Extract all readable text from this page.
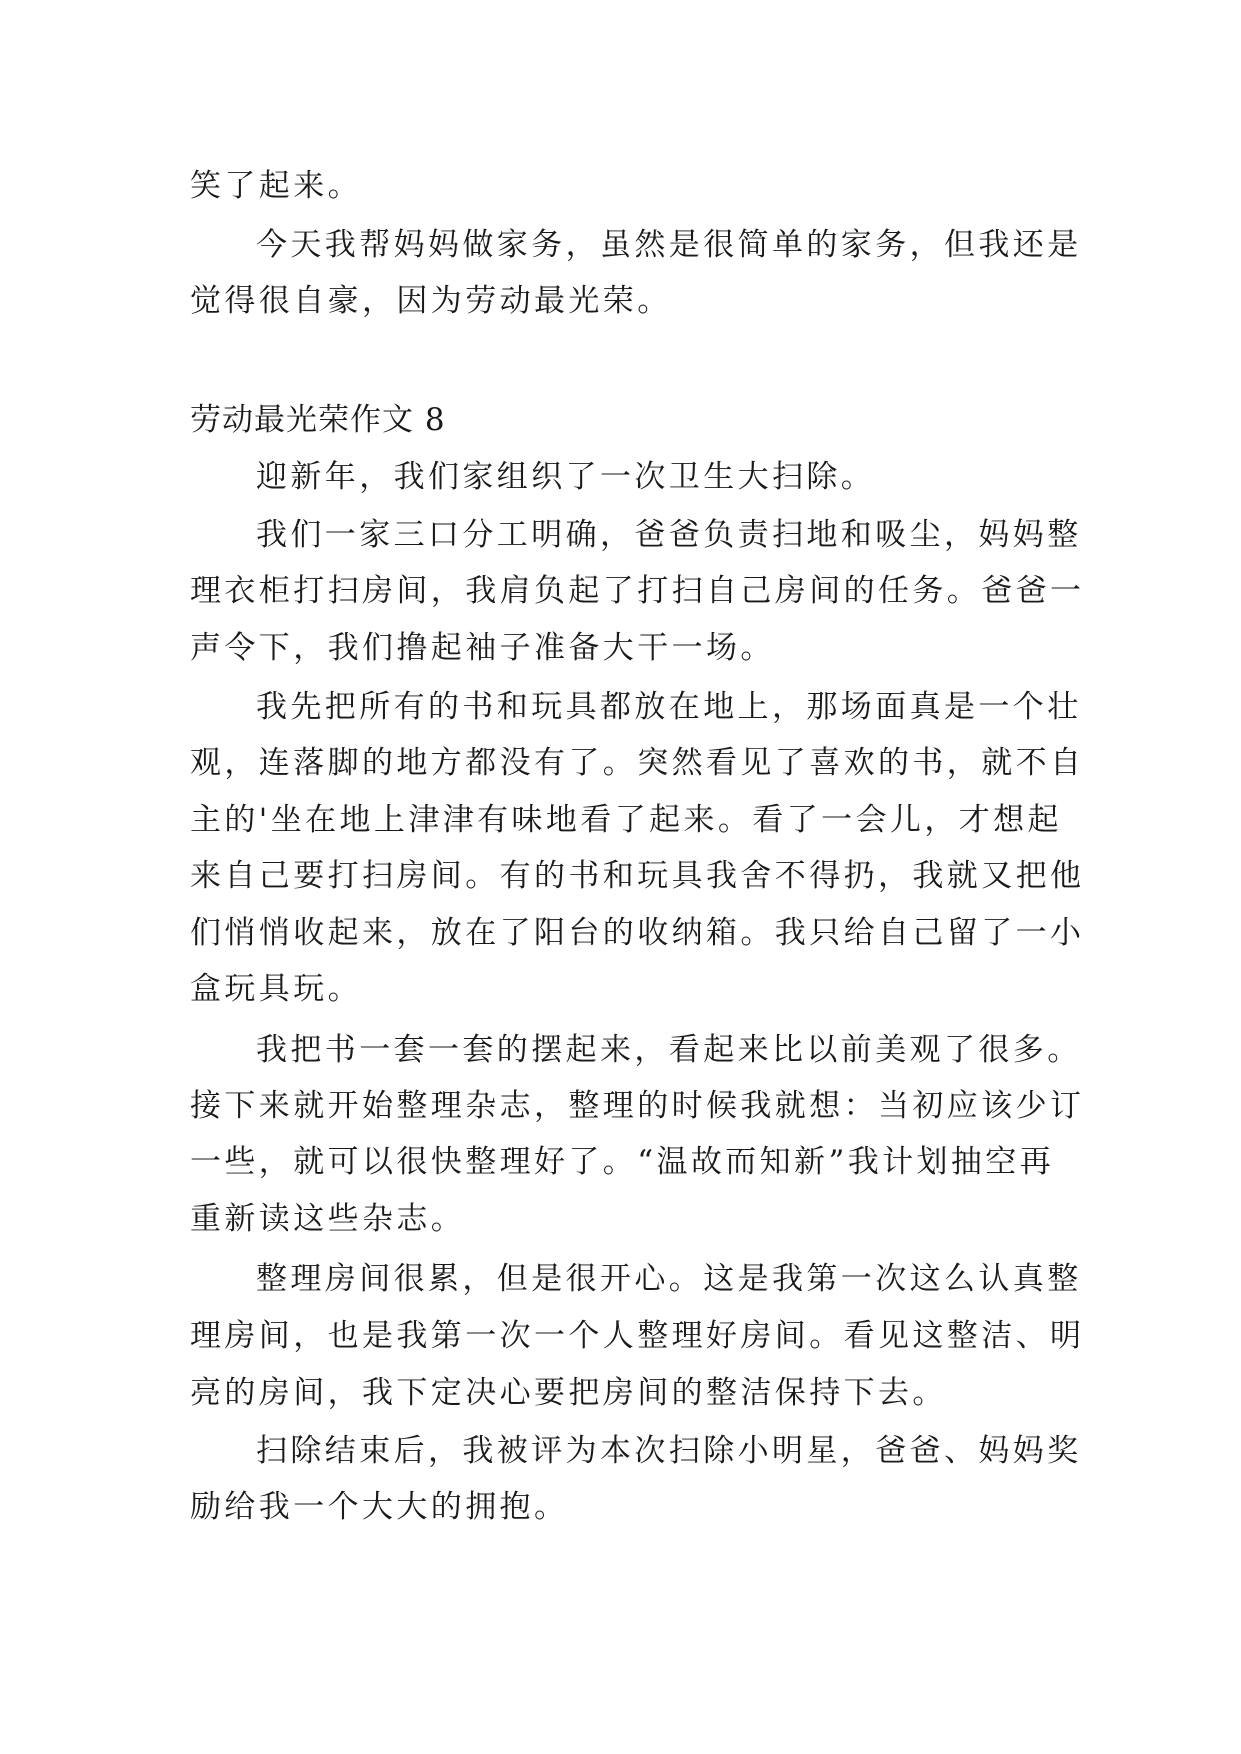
笑了起来。
今天我帮妈妈做家务，虽然是很简单的家务，但我还是
觉得很自豪，因为劳动最光荣。
劳动最光荣作文 8
迎新年，我们家组织了一次卫生大扫除。
我们一家三口分工明确，爸爸负责扫地和吸尘，妈妈整
理衣柜打扫房间，我肩负起了打扫自己房间的任务。爸爸一
声令下，我们撸起袖子准备大干一场。
我先把所有的书和玩具都放在地上，那场面真是一个壮
观，连落脚的地方都没有了。突然看见了喜欢的书，就不自
主的'坐在地上津津有味地看了起来。看了一会儿，才想起
来自己要打扫房间。有的书和玩具我舍不得扔，我就又把他
们悄悄收起来，放在了阳台的收纳箱。我只给自己留了一小
盒玩具玩。
我把书一套一套的摆起来，看起来比以前美观了很多。
接下来就开始整理杂志，整理的时候我就想：当初应该少订
一些，就可以很快整理好了。“温故而知新”我计划抽空再
重新读这些杂志。
整理房间很累，但是很开心。这是我第一次这么认真整
理房间，也是我第一次一个人整理好房间。看见这整洁、明
亮的房间，我下定决心要把房间的整洁保持下去。
扫除结束后，我被评为本次扫除小明星，爸爸、妈妈奖
励给我一个大大的拥抱。
